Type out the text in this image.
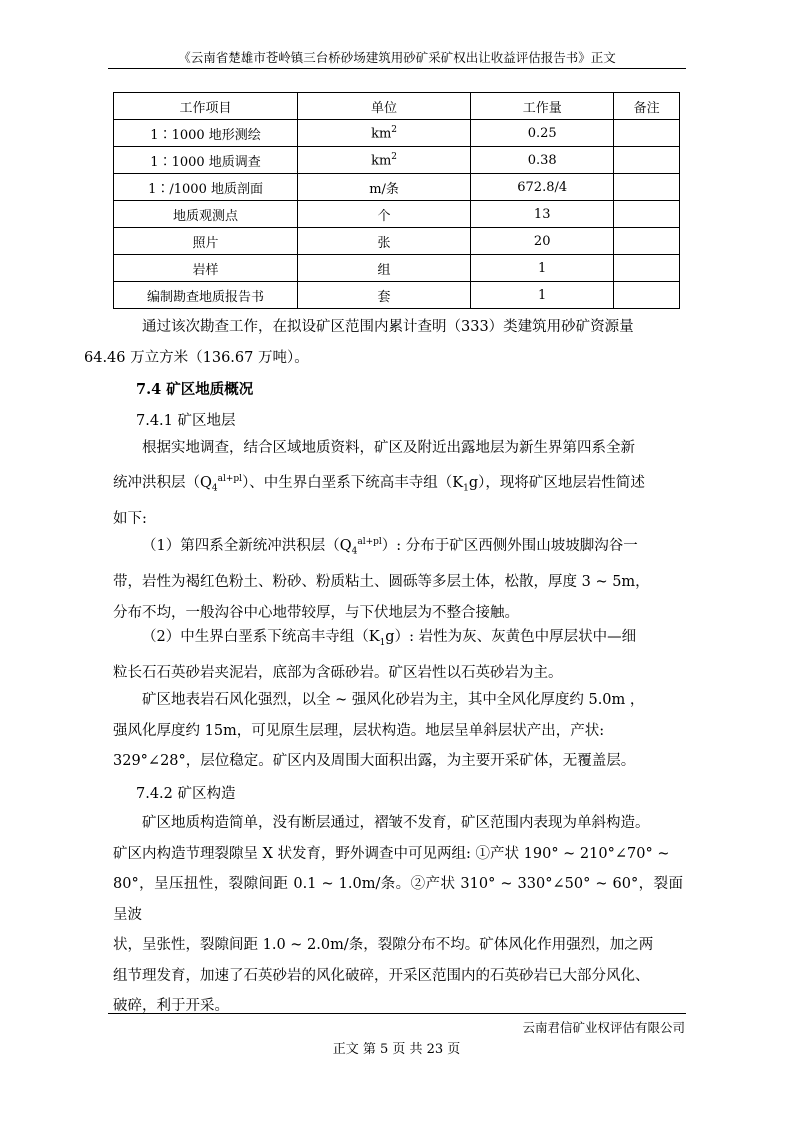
《云南省楚雄市苍岭镇三台桥砂场建筑用砂矿采矿权出让收益评估报告书》正文
工作项目	单位	工作量	备注
1∶1000 地形测绘	$km^2$	0.25	
1∶1000 地质调查	$km^2$	0.38	
1∶/1000 地质剖面	m/条	672.8/4	
地质观测点	个	13	
照片	张	20	
岩样	组	1	
编制勘查地质报告书	套	1	
通过该次勘查工作，在拟设矿区范围内累计查明（333）类建筑用砂矿资源量
64.46 万立方米（136.67 万吨）。
7.4 矿区地质概况
7.4.1 矿区地层
根据实地调查，结合区域地质资料，矿区及附近出露地层为新生界第四系全新
统冲洪积层$(Q_4^{al+pl})$、中生界白垩系下统高丰寺组$(K_1g)$，现将矿区地层岩性简述
如下:
（1）第四系全新统冲洪积层$(Q_4^{al+pl})$: 分布于矿区西侧外围山坡坡脚沟谷一
带，岩性为褐红色粉土、粉砂、粉质粘土、圆砾等多层土体，松散，厚度 3 ~ 5m，
分布不均，一般沟谷中心地带较厚，与下伏地层为不整合接触。
（2）中生界白垩系下统高丰寺组$(K_1g)$: 岩性为灰、灰黄色中厚层状中—细
粒长石石英砂岩夹泥岩，底部为含砾砂岩。矿区岩性以石英砂岩为主。
矿区地表岩石风化强烈，以全 ~ 强风化砂岩为主，其中全风化厚度约 5.0m ，
强风化厚度约 15m，可见原生层理，层状构造。地层呈单斜层状产出，产状:
329°∠28°，层位稳定。矿区内及周围大面积出露，为主要开采矿体，无覆盖层。
7.4.2 矿区构造
矿区地质构造简单，没有断层通过，褶皱不发育，矿区范围内表现为单斜构造。
矿区内构造节理裂隙呈 X 状发育，野外调查中可见两组: ①产状 190° ~ 210°∠70° ~
80°，呈压扭性，裂隙间距 0.1 ~ 1.0m/条。②产状 310° ~ 330°∠50° ~ 60°，裂面呈波
状，呈张性，裂隙间距 1.0 ~ 2.0m/条，裂隙分布不均。矿体风化作用强烈，加之两
组节理发育，加速了石英砂岩的风化破碎，开采区范围内的石英砂岩已大部分风化、
破碎，利于开采。
云南君信矿业权评估有限公司
正文 第 5 页 共 23 页
